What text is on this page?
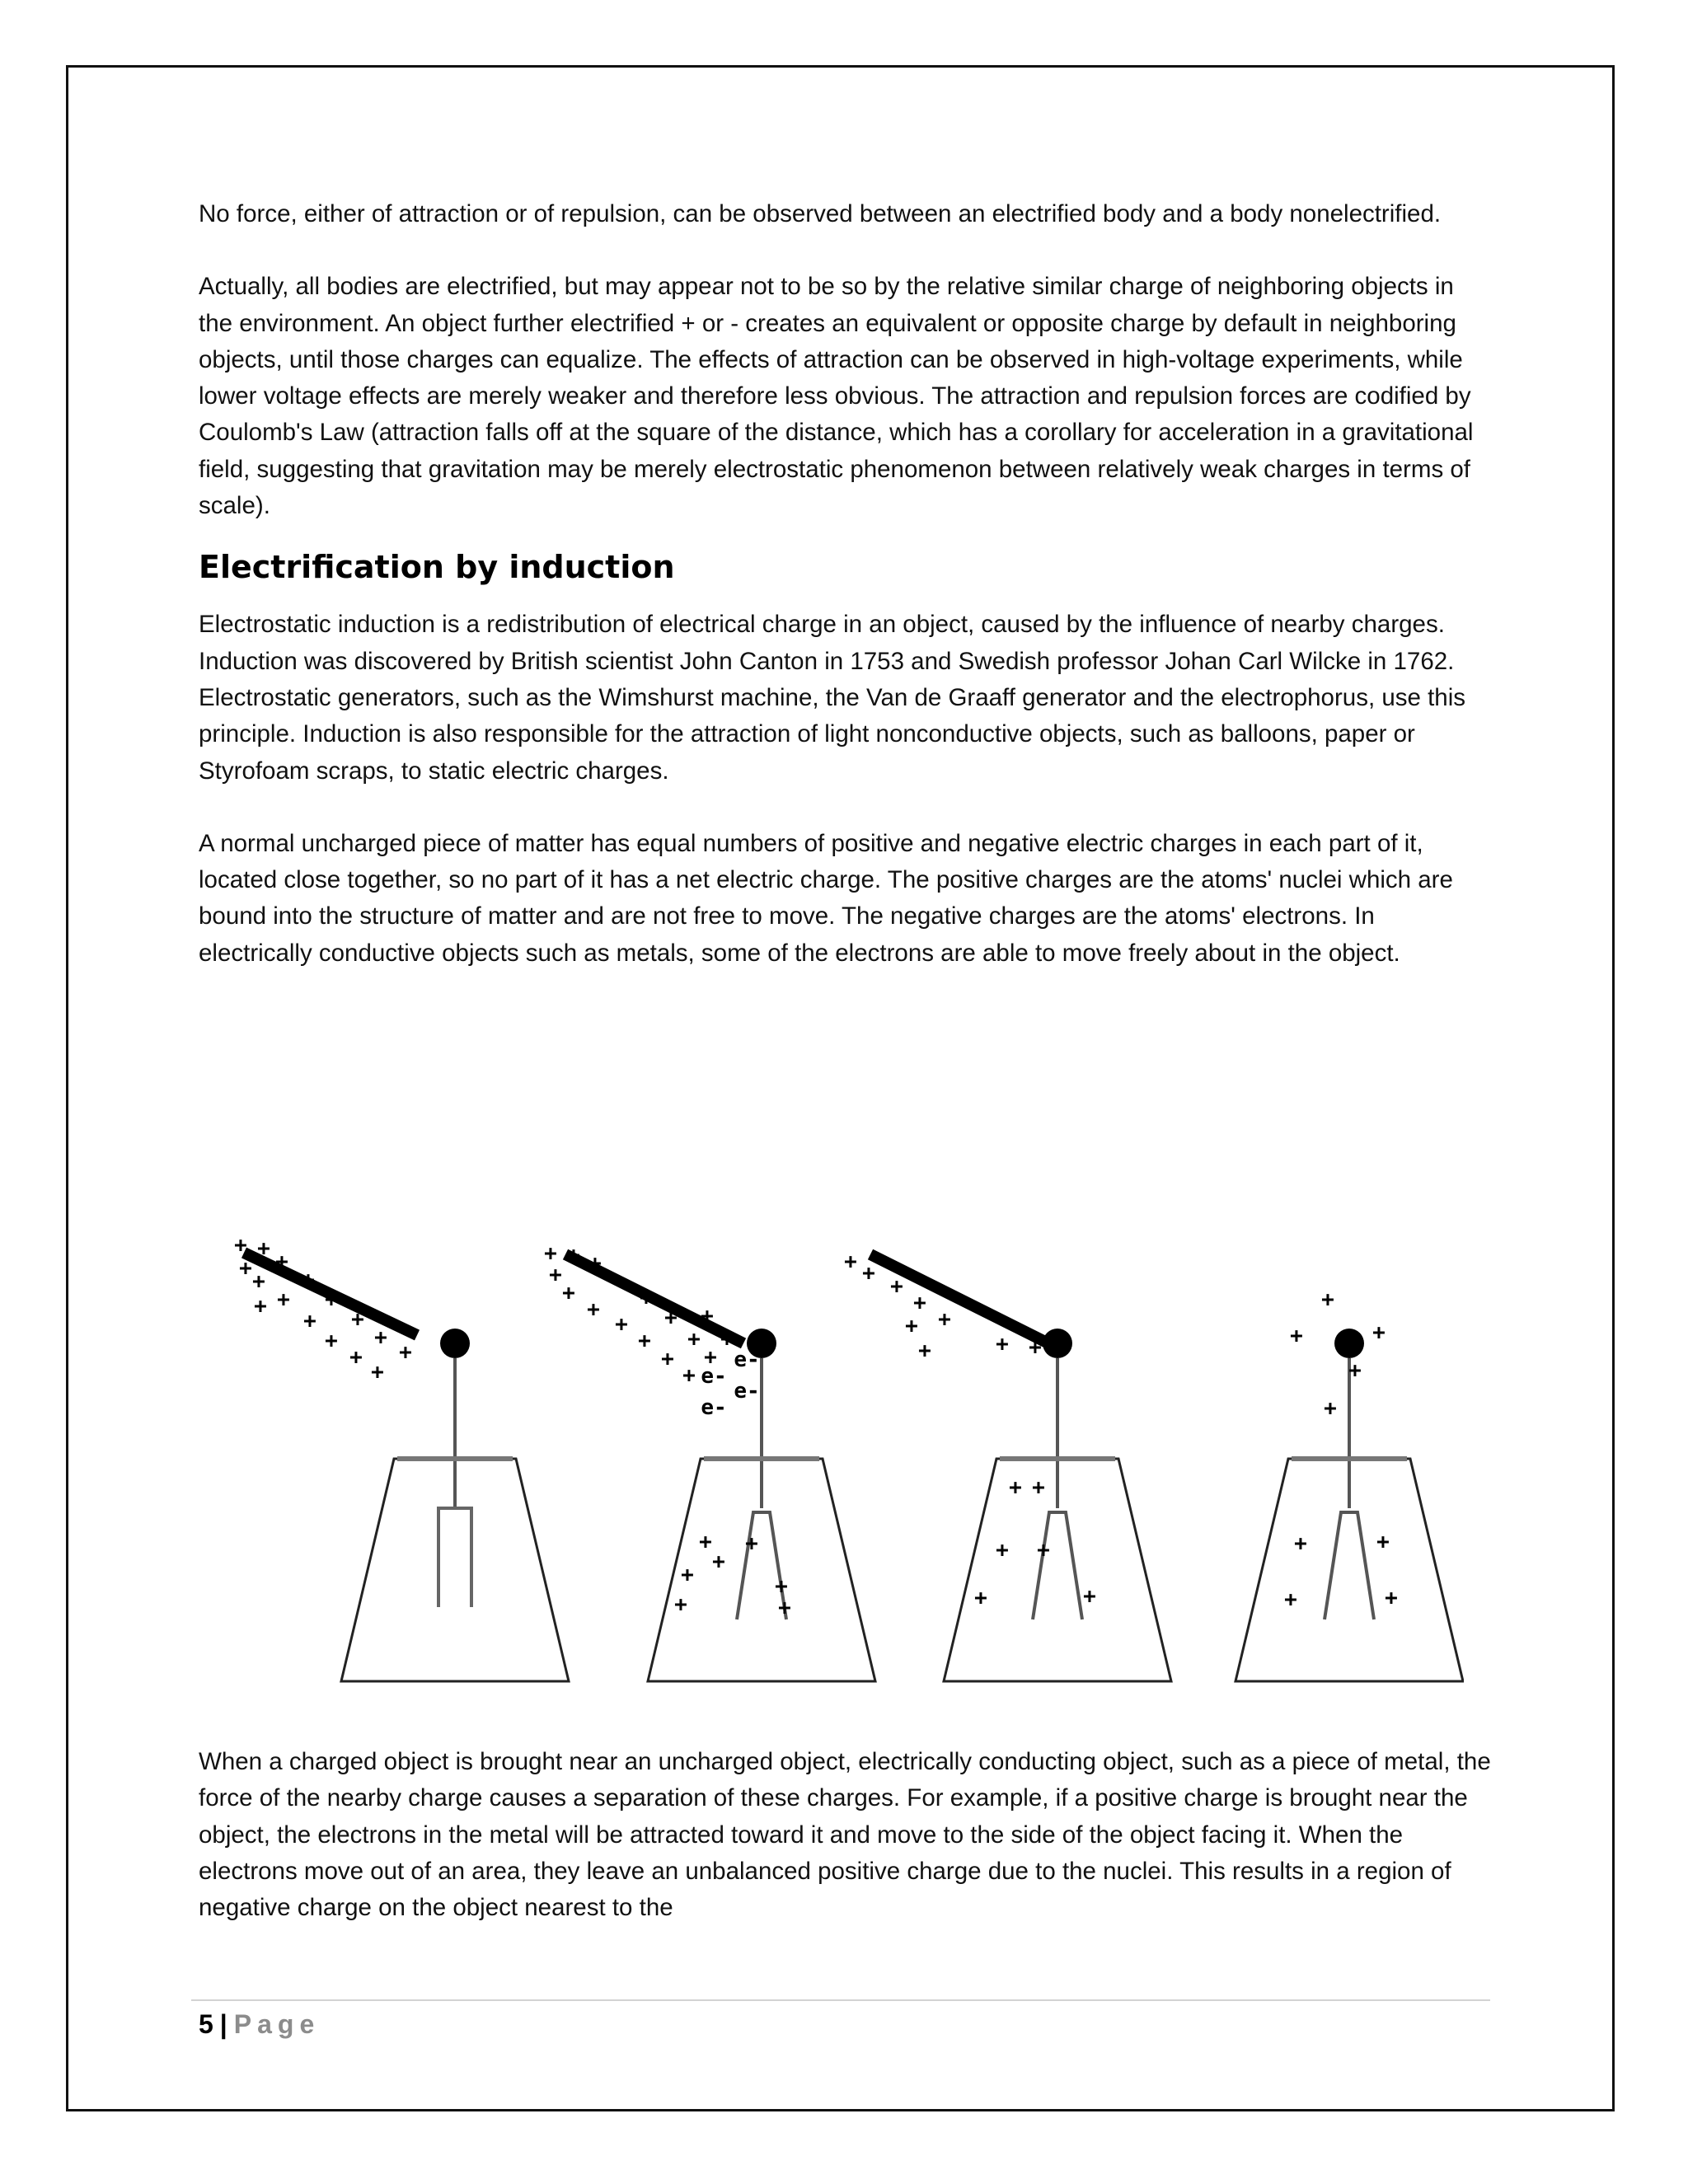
No force, either of attraction or of repulsion, can be observed between an electrified body and a body nonelectrified.

Actually, all bodies are electrified, but may appear not to be so by the relative similar charge of neighboring objects in the environment. An object further electrified + or - creates an equivalent or opposite charge by default in neighboring objects, until those charges can equalize. The effects of attraction can be observed in high-voltage experiments, while lower voltage effects are merely weaker and therefore less obvious. The attraction and repulsion forces are codified by Coulomb's Law (attraction falls off at the square of the distance, which has a corollary for acceleration in a gravitational field, suggesting that gravitation may be merely electrostatic phenomenon between relatively weak charges in terms of scale).

Electrification by induction

Electrostatic induction is a redistribution of electrical charge in an object, caused by the influence of nearby charges. Induction was discovered by British scientist John Canton in 1753 and Swedish professor Johan Carl Wilcke in 1762. Electrostatic generators, such as the Wimshurst machine, the Van de Graaff generator and the electrophorus, use this principle. Induction is also responsible for the attraction of light nonconductive objects, such as balloons, paper or Styrofoam scraps, to static electric charges.

A normal uncharged piece of matter has equal numbers of positive and negative electric charges in each part of it, located close together, so no part of it has a net electric charge. The positive charges are the atoms' nuclei which are bound into the structure of matter and are not free to move. The negative charges are the atoms' electrons. In electrically conductive objects such as metals, some of the electrons are able to move freely about in the object.

+ +
+ +
+ +
+ +
+ +
+ +
+ +
+
+
+ +
+ +
+ +
+ +
+ +
+ +
+ +
+
+
+
e-
e-
e-
e-
+ +
+
+	+
+	+
+ +
+
+
+
+
+
+
+ +
+ +
+ +
+	+
+
+	+
+
+
+	+
+	+

When a charged object is brought near an uncharged object, electrically conducting object, such as a piece of metal, the force of the nearby charge causes a separation of these charges. For example, if a positive charge is brought near the object, the electrons in the metal will be attracted toward it and move to the side of the object facing it. When the electrons move out of an area, they leave an unbalanced positive charge due to the nuclei. This results in a region of negative charge on the object nearest to the

5 | Page
